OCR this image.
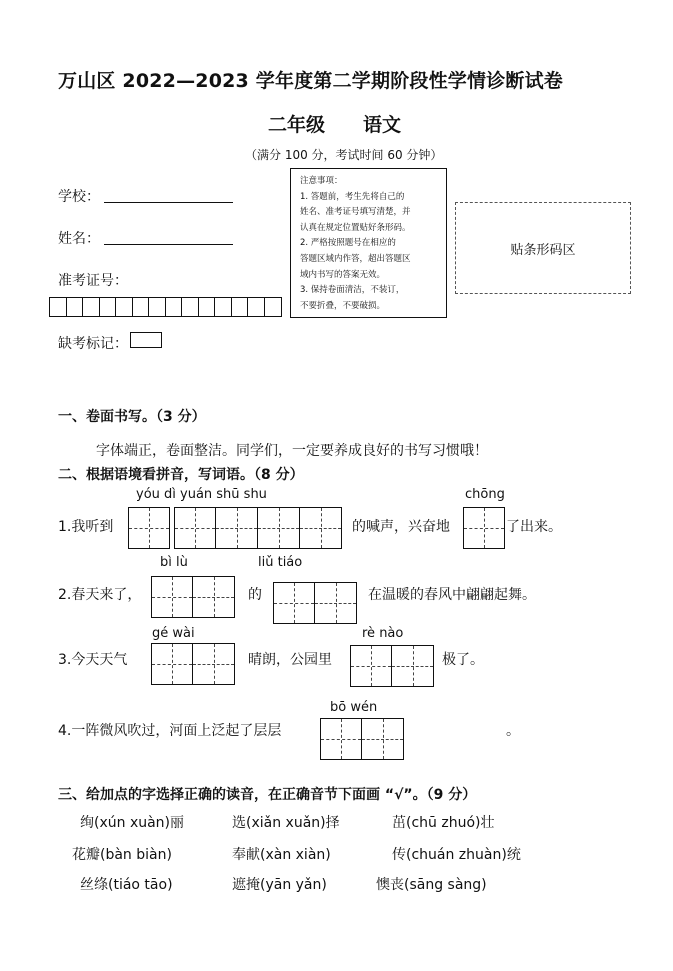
万山区 2022—2023 学年度第二学期阶段性学情诊断试卷
二年级 语文
（满分 100 分，考试时间 60 分钟）
学校：
姓名：
准考证号：
缺考标记：
注意事项：
1. 答题前，考生先将自己的
姓名、准考证号填写清楚，并
认真在规定位置贴好条形码。
2. 严格按照题号在相应的
答题区域内作答，超出答题区
域内书写的答案无效。
3. 保持卷面清洁，不装订，
不要折叠，不要破损。
贴条形码区
一、卷面书写。（3 分）
字体端正，卷面整洁。同学们，一定要养成良好的书写习惯哦！
二、根据语境看拼音，写词语。（8 分）
yóu dì yuán shū shu	chōng
1.我听到	的喊声，兴奋地	了出来。
bì lù	liǔ tiáo
2.春天来了，	的	在温暖的春风中翩翩起舞。
gé wài	rè nào
3.今天天气	晴朗，公园里	极了。
bō wén
4.一阵微风吹过，河面上泛起了层层	。
三、给加点的字选择正确的读音，在正确音节下面画 “√”。（9 分）
绚(xún xuàn)丽	选(xiǎn xuǎn)择	茁(chū zhuó)壮
花瓣(bàn biàn)	奉献(xàn xiàn)	传(chuán zhuàn)统
丝绦(tiáo tāo)	遮掩(yān yǎn)	懊丧(sāng sàng)
